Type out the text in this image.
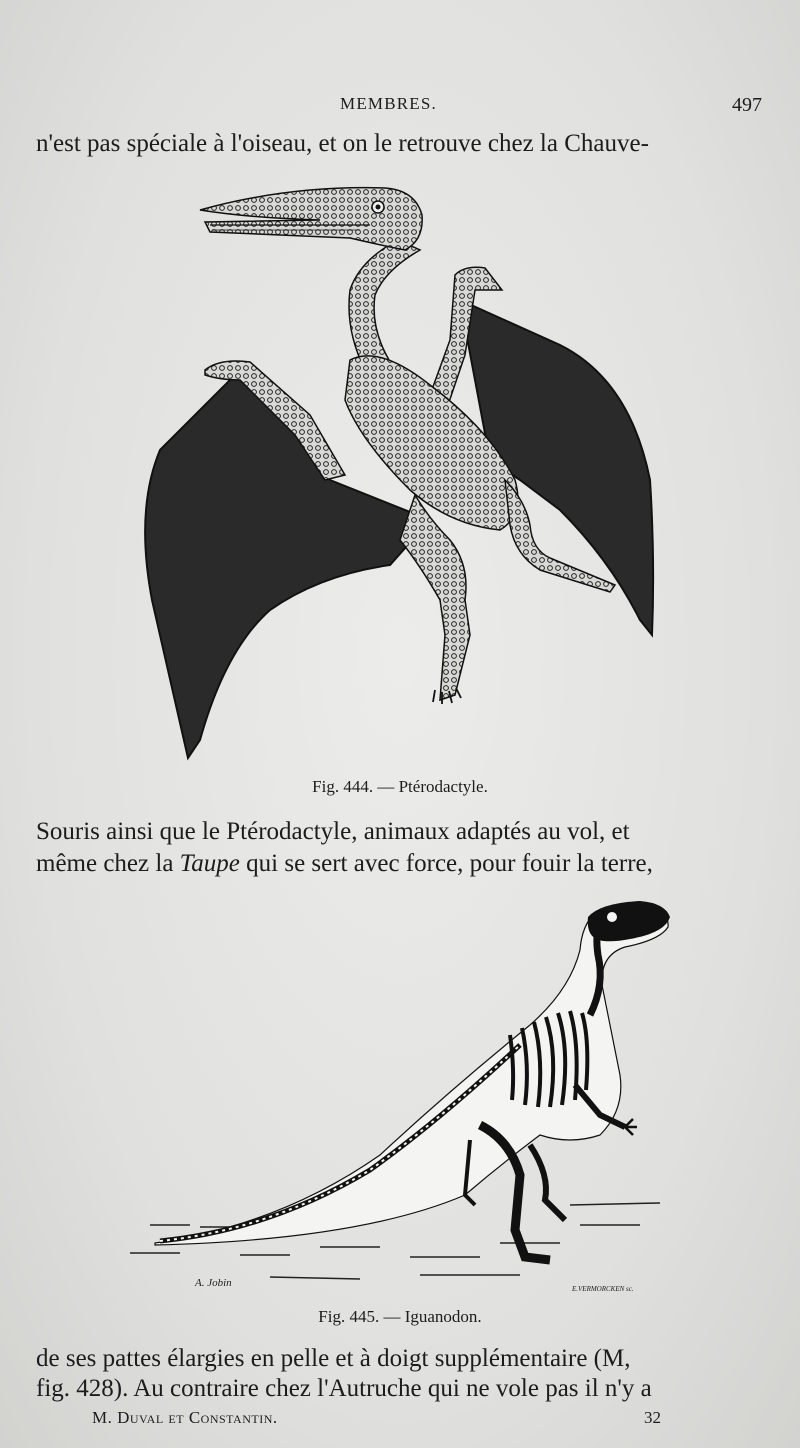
MEMBRES.	497
n'est pas spéciale à l'oiseau, et on le retrouve chez la Chauve-
Fig. 444. — Ptérodactyle.
Souris ainsi que le Ptérodactyle, animaux adaptés au vol, et
même chez la Taupe qui se sert avec force, pour fouir la terre,
A. Jobin	E.VERMORCKEN sc.
Fig. 445. — Iguanodon.
de ses pattes élargies en pelle et à doigt supplémentaire (M,
fig. 428). Au contraire chez l'Autruche qui ne vole pas il n'y a
M. Duval et Constantin.	32
